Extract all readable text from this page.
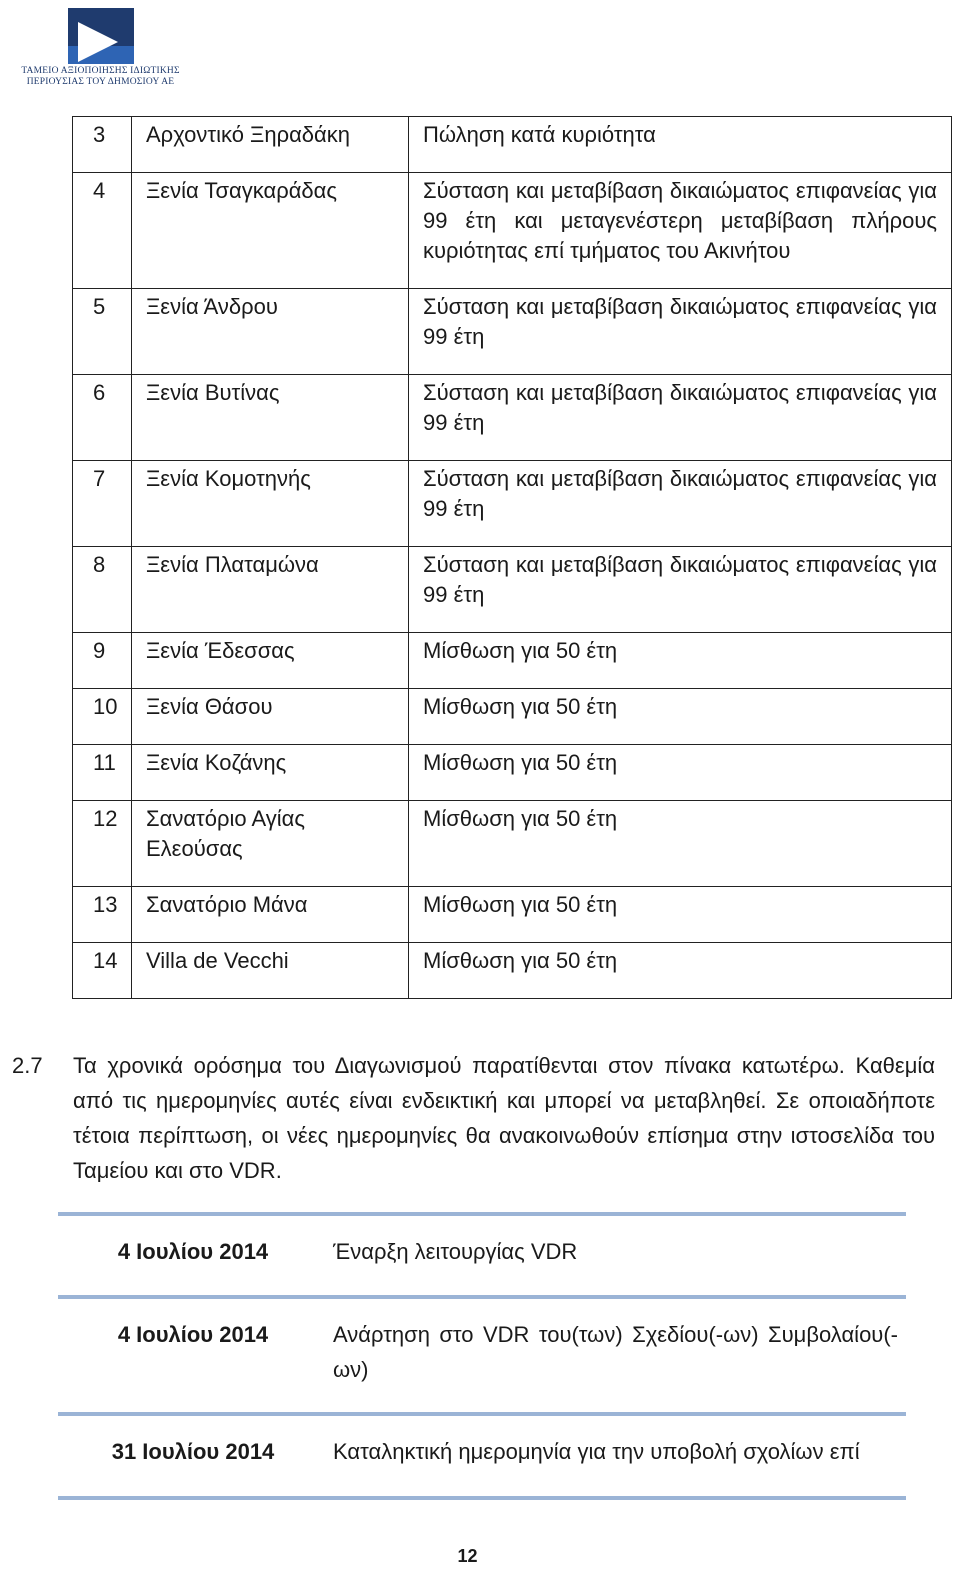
ΤΑΜΕΙΟ ΑΞΙΟΠΟΙΗΣΗΣ ΙΔΙΩΤΙΚΗΣ
ΠΕΡΙΟΥΣΙΑΣ ΤΟΥ ΔΗΜΟΣΙΟΥ ΑΕ
3	Αρχοντικό Ξηραδάκη	Πώληση κατά κυριότητα
4	Ξενία Τσαγκαράδας	Σύσταση και μεταβίβαση δικαιώματος επιφανείας για 99 έτη και μεταγενέστερη μεταβίβαση πλήρους κυριότητας επί τμήματος του Ακινήτου
5	Ξενία Άνδρου	Σύσταση και μεταβίβαση δικαιώματος επιφανείας για 99 έτη
6	Ξενία Βυτίνας	Σύσταση και μεταβίβαση δικαιώματος επιφανείας για 99 έτη
7	Ξενία Κομοτηνής	Σύσταση και μεταβίβαση δικαιώματος επιφανείας για 99 έτη
8	Ξενία Πλαταμώνα	Σύσταση και μεταβίβαση δικαιώματος επιφανείας για 99 έτη
9	Ξενία Έδεσσας	Μίσθωση για 50 έτη
10	Ξενία Θάσου	Μίσθωση για 50 έτη
11	Ξενία Κοζάνης	Μίσθωση για 50 έτη
12	Σανατόριο Αγίας Ελεούσας	Μίσθωση για 50 έτη
13	Σανατόριο Μάνα	Μίσθωση για 50 έτη
14	Villa de Vecchi	Μίσθωση για 50 έτη
2.7 Τα χρονικά ορόσημα του Διαγωνισμού παρατίθενται στον πίνακα κατωτέρω. Καθεμία από τις ημερομηνίες αυτές είναι ενδεικτική και μπορεί να μεταβληθεί. Σε οποιαδήποτε τέτοια περίπτωση, οι νέες ημερομηνίες θα ανακοινωθούν επίσημα στην ιστοσελίδα του Ταμείου και στο VDR.
4 Ιουλίου 2014	Έναρξη λειτουργίας VDR
4 Ιουλίου 2014	Ανάρτηση στο VDR του(των) Σχεδίου(-ων) Συμβολαίου(-ων)
31 Ιουλίου 2014	Καταληκτική ημερομηνία για την υποβολή σχολίων επί
12
